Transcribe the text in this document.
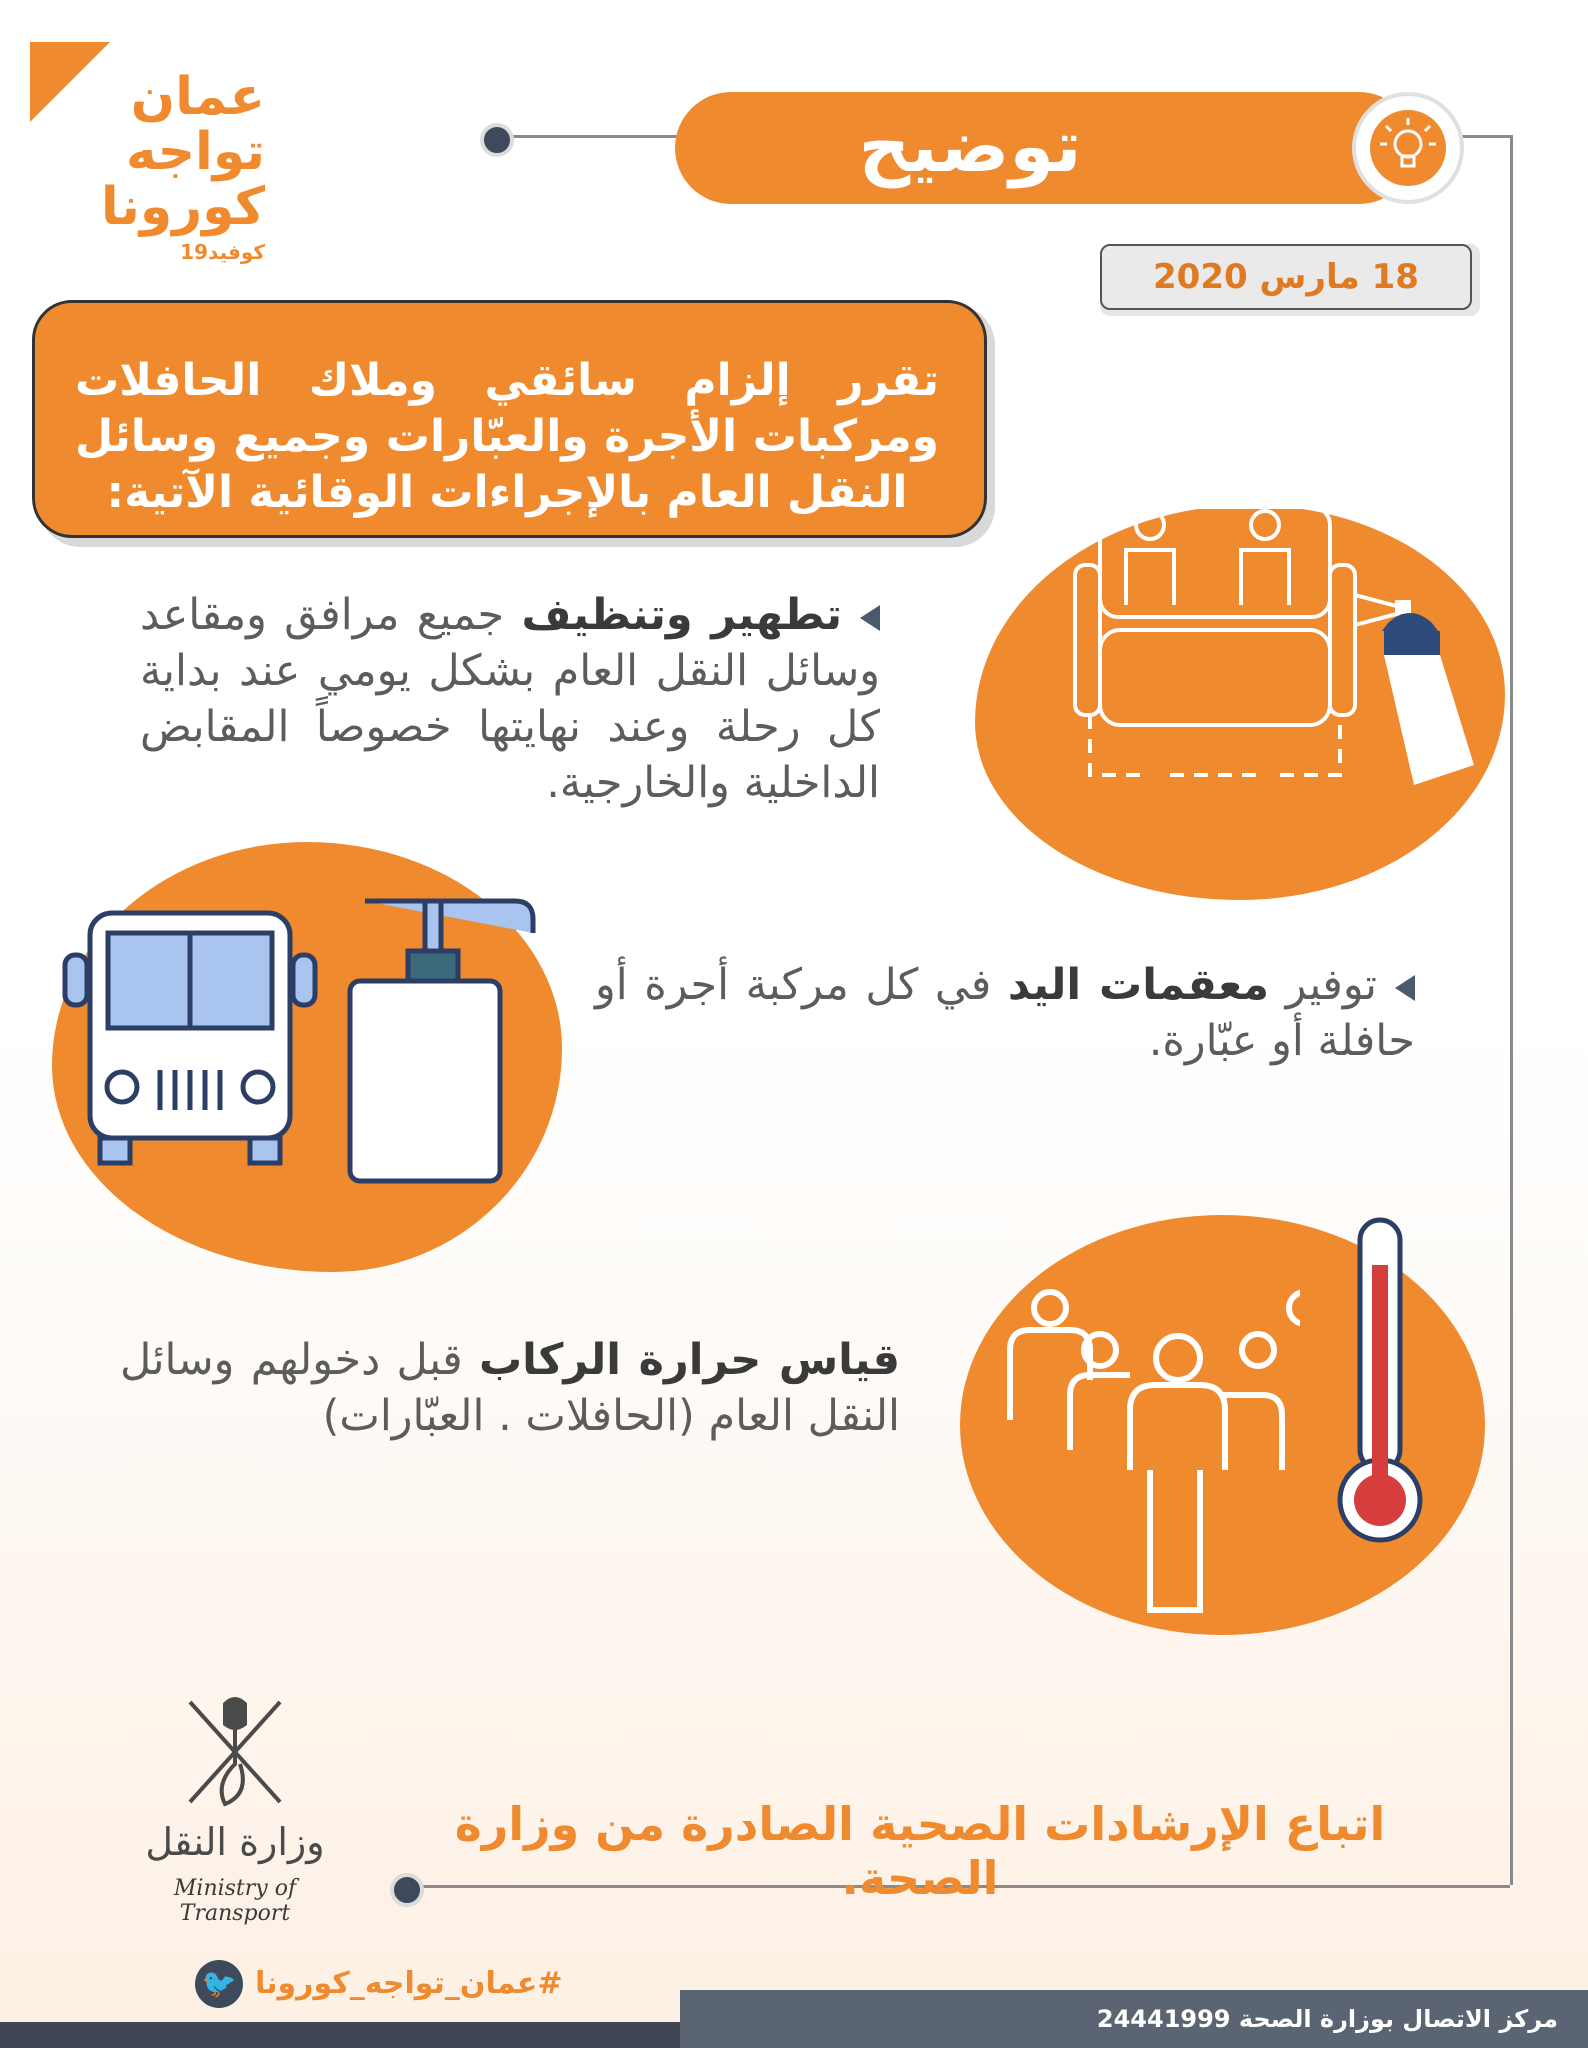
عمان
تواجه
كورونا
كوفيد19
توضيح
18 مارس 2020
تقرر إلزام سائقي وملاك الحافلات ومركبات الأجرة والعبّارات وجميع وسائل النقل العام بالإجراءات الوقائية الآتية:
تطهير وتنظيف جميع مرافق ومقاعد وسائل النقل العام بشكل يومي عند بداية كل رحلة وعند نهايتها خصوصاً المقابض الداخلية والخارجية.
توفير معقمات اليد في كل مركبة أجرة أو حافلة أو عبّارة.
قياس حرارة الركاب قبل دخولهم وسائل النقل العام (الحافلات . العبّارات)
اتباع الإرشادات الصحية الصادرة من وزارة الصحة.
وزارة النقل
Ministry of Transport
🐦 #عمان_تواجه_كورونا
مركز الاتصال بوزارة الصحة 24441999
